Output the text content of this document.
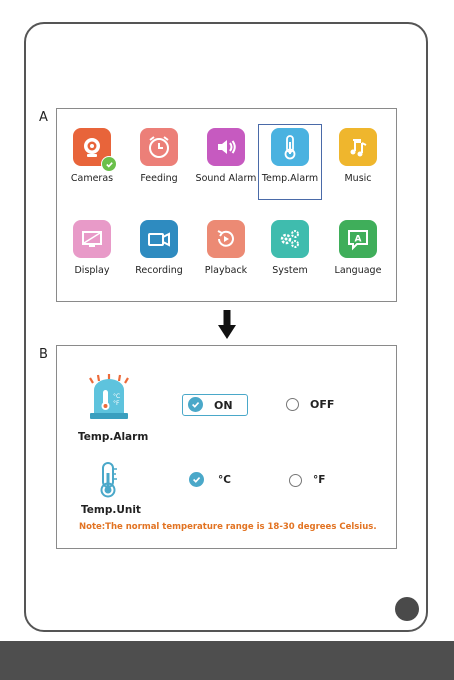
A
Cameras	Feeding	Sound Alarm Temp.Alarm	Music
Display	Recording	Playback	System
A
Language
B
°C
°F
Temp.Alarm
ON	OFF
Temp.Unit
°C	°F
Note:The normal temperature range is 18-30 degrees Celsius.
